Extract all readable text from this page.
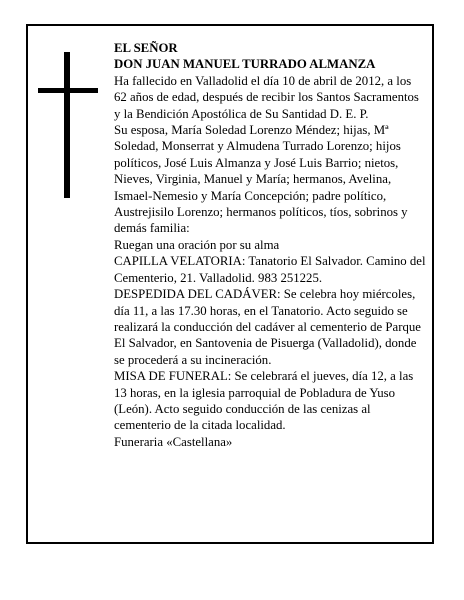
EL SEÑOR

DON JUAN MANUEL TURRADO ALMANZA

Ha fallecido en Valladolid el día 10 de abril de 2012, a los 62 años de edad, después de recibir los Santos Sacramentos y la Bendición Apostólica de Su Santidad D. E. P.

Su esposa, María Soledad Lorenzo Méndez; hijas, Mª Soledad, Monserrat y Almudena Turrado Lorenzo; hijos políticos, José Luis Almanza y José Luis Barrio; nietos, Nieves, Virginia, Manuel y María; hermanos, Avelina, Ismael-Nemesio y María Concepción; padre político, Austrejisilo Lorenzo; hermanos políticos, tíos, sobrinos y demás familia:

Ruegan una oración por su alma

CAPILLA VELATORIA: Tanatorio El Salvador. Camino del Cementerio, 21. Valladolid. 983 251225.

DESPEDIDA DEL CADÁVER: Se celebra hoy miércoles, día 11, a las 17.30 horas, en el Tanatorio. Acto seguido se realizará la conducción del cadáver al cementerio de Parque El Salvador, en Santovenia de Pisuerga (Valladolid), donde se procederá a su incineración.

MISA DE FUNERAL: Se celebrará el jueves, día 12, a las 13 horas, en la iglesia parroquial de Pobladura de Yuso (León). Acto seguido conducción de las cenizas al cementerio de la citada localidad.

Funeraria «Castellana»
